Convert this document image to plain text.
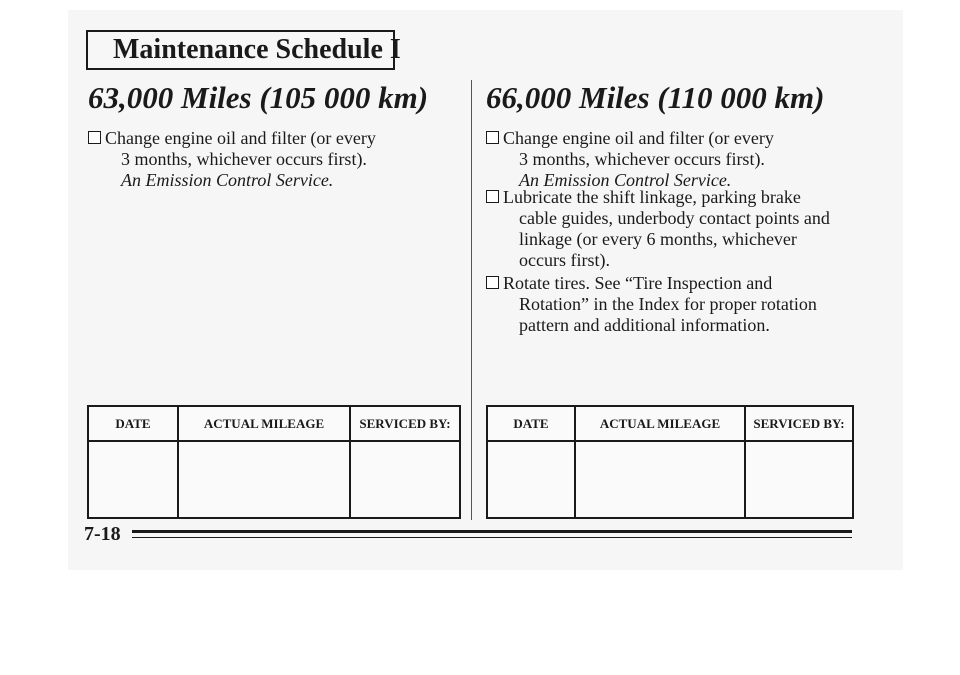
Maintenance Schedule I
63,000 Miles (105 000 km)
Change engine oil and filter (or every
3 months, whichever occurs first).
An Emission Control Service.
DATE	ACTUAL MILEAGE	SERVICED BY:

66,000 Miles (110 000 km)
Change engine oil and filter (or every
3 months, whichever occurs first).
An Emission Control Service.
Lubricate the shift linkage, parking brake
cable guides, underbody contact points and
linkage (or every 6 months, whichever
occurs first).
Rotate tires. See “Tire Inspection and
Rotation” in the Index for proper rotation
pattern and additional information.
DATE	ACTUAL MILEAGE	SERVICED BY:

7-18
